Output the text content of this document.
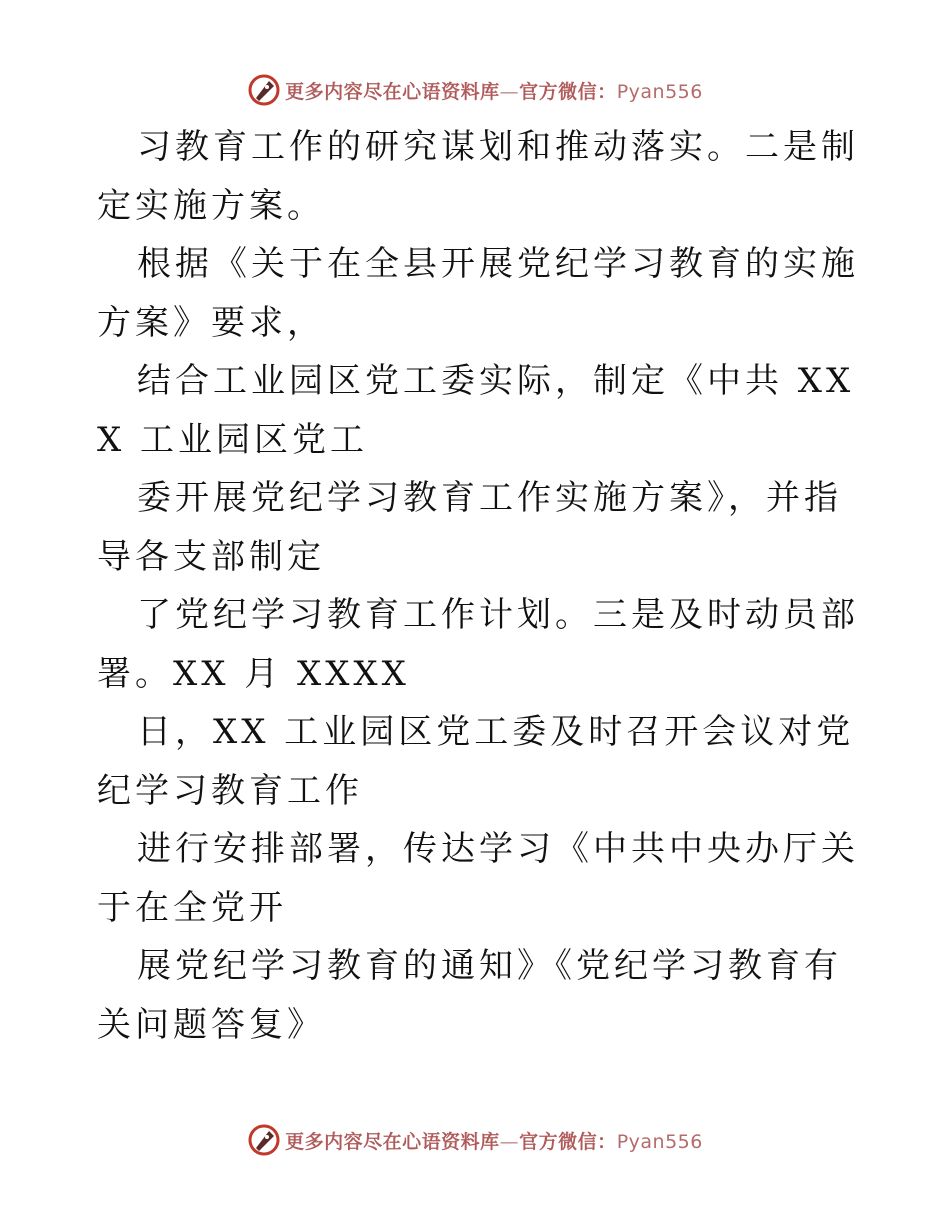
更多内容尽在心语资料库—官方微信：Pyan556

习教育工作的研究谋划和推动落实。二是制定实施方案。

根据《关于在全县开展党纪学习教育的实施方案》要求，

结合工业园区党工委实际，制定《中共 XXX 工业园区党工

委开展党纪学习教育工作实施方案》，并指导各支部制定

了党纪学习教育工作计划。三是及时动员部署。XX 月 XXXX

日，XX 工业园区党工委及时召开会议对党纪学习教育工作

进行安排部署，传达学习《中共中央办厅关于在全党开

展党纪学习教育的通知》《党纪学习教育有关问题答复》

更多内容尽在心语资料库—官方微信：Pyan556
